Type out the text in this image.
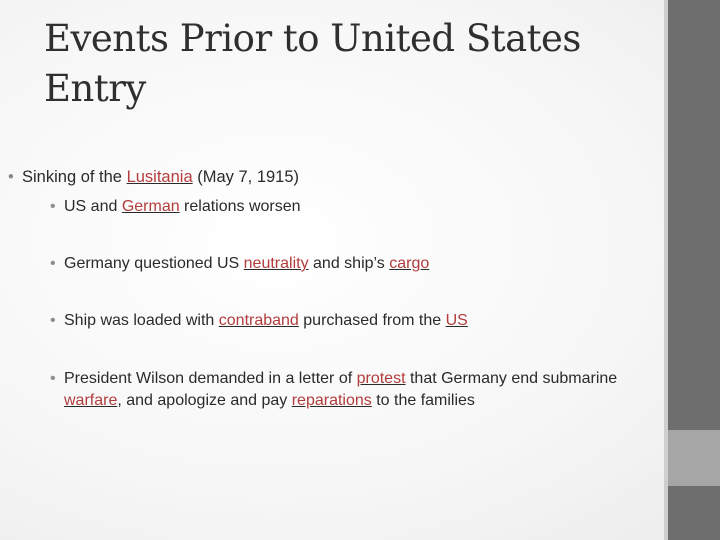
Events Prior to United States Entry

• Sinking of the Lusitania (May 7, 1915)

• US and German relations worsen

• Germany questioned US neutrality and ship’s cargo

• Ship was loaded with contraband purchased from the US

• President Wilson demanded in a letter of protest that Germany end submarine
warfare, and apologize and pay reparations to the families
